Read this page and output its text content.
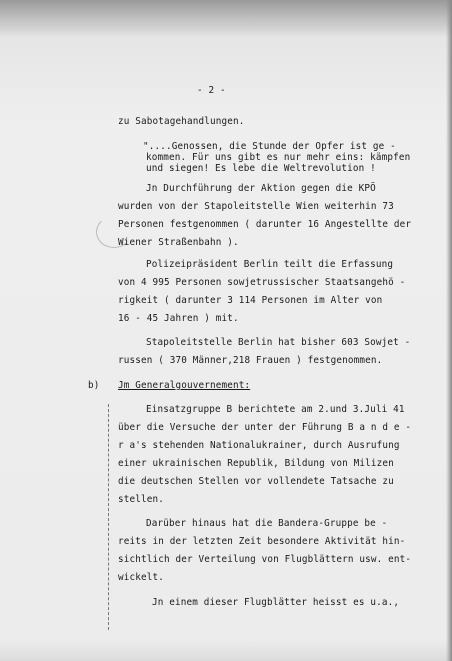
- 2 -
zu Sabotagehandlungen.
"....Genossen, die Stunde der Opfer ist ge -
kommen. Für uns gibt es nur mehr eins: kämpfen
und siegen! Es lebe die Weltrevolution !
Jn Durchführung der Aktion gegen die KPÖ
wurden von der Stapoleitstelle Wien weiterhin 73
Personen festgenommen ( darunter 16 Angestellte der
Wiener Straßenbahn ).
Polizeipräsident Berlin teilt die Erfassung
von 4 995 Personen sowjetrussischer Staatsangehö -
rigkeit ( darunter 3 114 Personen im Alter von
16 - 45 Jahren ) mit.
Stapoleitstelle Berlin hat bisher 603 Sowjet -
russen ( 370 Männer,218 Frauen ) festgenommen.
b) Jm Generalgouvernement:
Einsatzgruppe B berichtete am 2.und 3.Juli 41
über die Versuche der unter der Führung B a n d e -
r a's stehenden Nationalukrainer, durch Ausrufung
einer ukrainischen Republik, Bildung von Milizen
die deutschen Stellen vor vollendete Tatsache zu
stellen.
Darüber hinaus hat die Bandera-Gruppe be -
reits in der letzten Zeit besondere Aktivität hin-
sichtlich der Verteilung von Flugblättern usw. ent-
wickelt.
Jn einem dieser Flugblätter heisst es u.a.,
